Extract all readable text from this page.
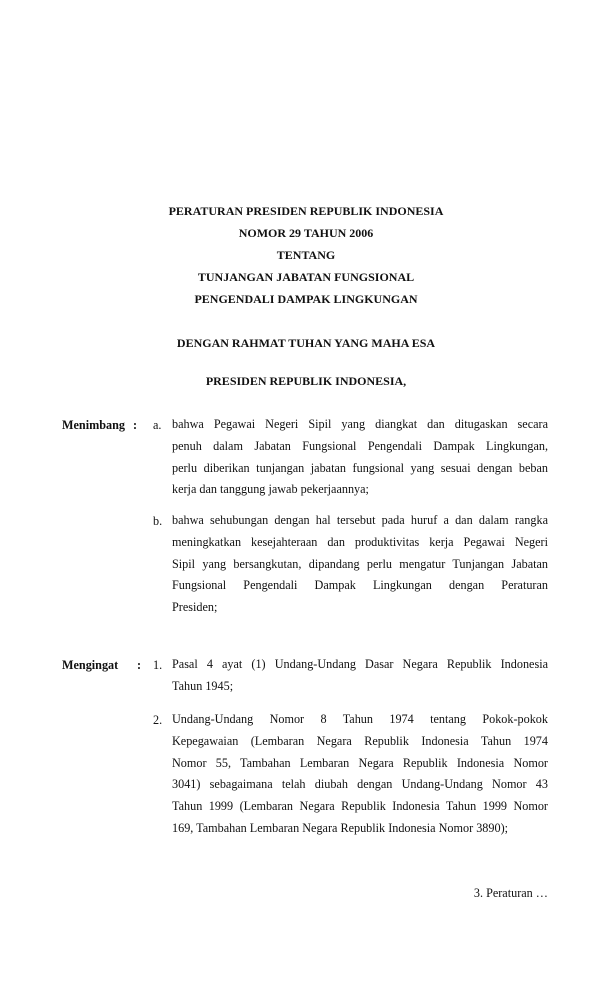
PERATURAN PRESIDEN REPUBLIK INDONESIA
NOMOR 29 TAHUN 2006
TENTANG
TUNJANGAN JABATAN FUNGSIONAL
PENGENDALI DAMPAK LINGKUNGAN
DENGAN RAHMAT TUHAN YANG MAHA ESA
PRESIDEN REPUBLIK INDONESIA,
Menimbang : a. bahwa Pegawai Negeri Sipil yang diangkat dan ditugaskan secara
penuh dalam Jabatan Fungsional Pengendali Dampak Lingkungan,
perlu diberikan tunjangan jabatan fungsional yang sesuai dengan beban
kerja dan tanggung jawab pekerjaannya;
b. bahwa sehubungan dengan hal tersebut pada huruf a dan dalam rangka
meningkatkan kesejahteraan dan produktivitas kerja Pegawai Negeri
Sipil yang bersangkutan, dipandang perlu mengatur Tunjangan Jabatan
Fungsional Pengendali Dampak Lingkungan dengan Peraturan
Presiden;
Mengingat : 1. Pasal 4 ayat (1) Undang-Undang Dasar Negara Republik Indonesia
Tahun 1945;
2. Undang-Undang Nomor 8 Tahun 1974 tentang Pokok-pokok
Kepegawaian (Lembaran Negara Republik Indonesia Tahun 1974
Nomor 55, Tambahan Lembaran Negara Republik Indonesia Nomor
3041) sebagaimana telah diubah dengan Undang-Undang Nomor 43
Tahun 1999 (Lembaran Negara Republik Indonesia Tahun 1999 Nomor
169, Tambahan Lembaran Negara Republik Indonesia Nomor 3890);
3. Peraturan …
